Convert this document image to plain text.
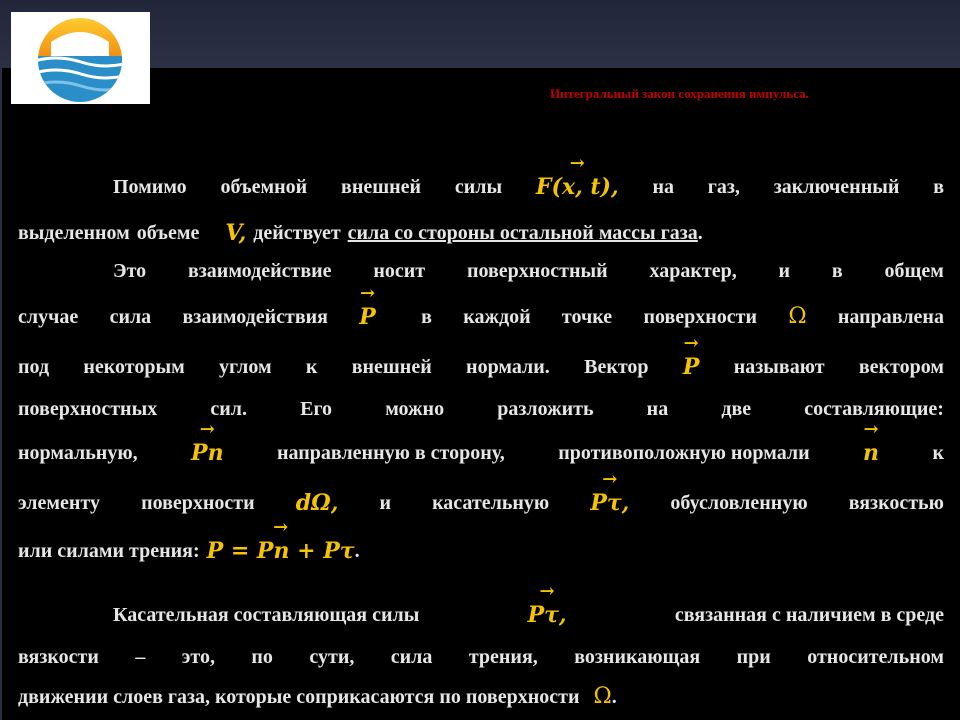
Интегральный закон сохранения импульса.
Помимо объемной внешней силы → F(x, t), на газ, заключенный в
выделенном объеме V, действует сила со стороны остальной массы газа .
Это взаимодействие носит поверхностный характер, и в общем
случае сила взаимодействия → P в каждой точке поверхности Ω направлена
под некоторым углом к внешней нормали. Вектор → P называют вектором
поверхностных	сил.	Его	можно	разложить	на	две	составляющие:
нормальную, → Pn	направленную в сторону,	противоположную нормали → n	к
элементу поверхности dΩ, и касательную → Pτ, обусловленную вязкостью
или силами трения: → P = Pn + Pτ .
Касательная составляющая силы	→ Pτ,	связанная с наличием в среде
вязкости – это, по сути, сила трения, возникающая при относительном
движении слоев газа, которые соприкасаются по поверхности Ω .
